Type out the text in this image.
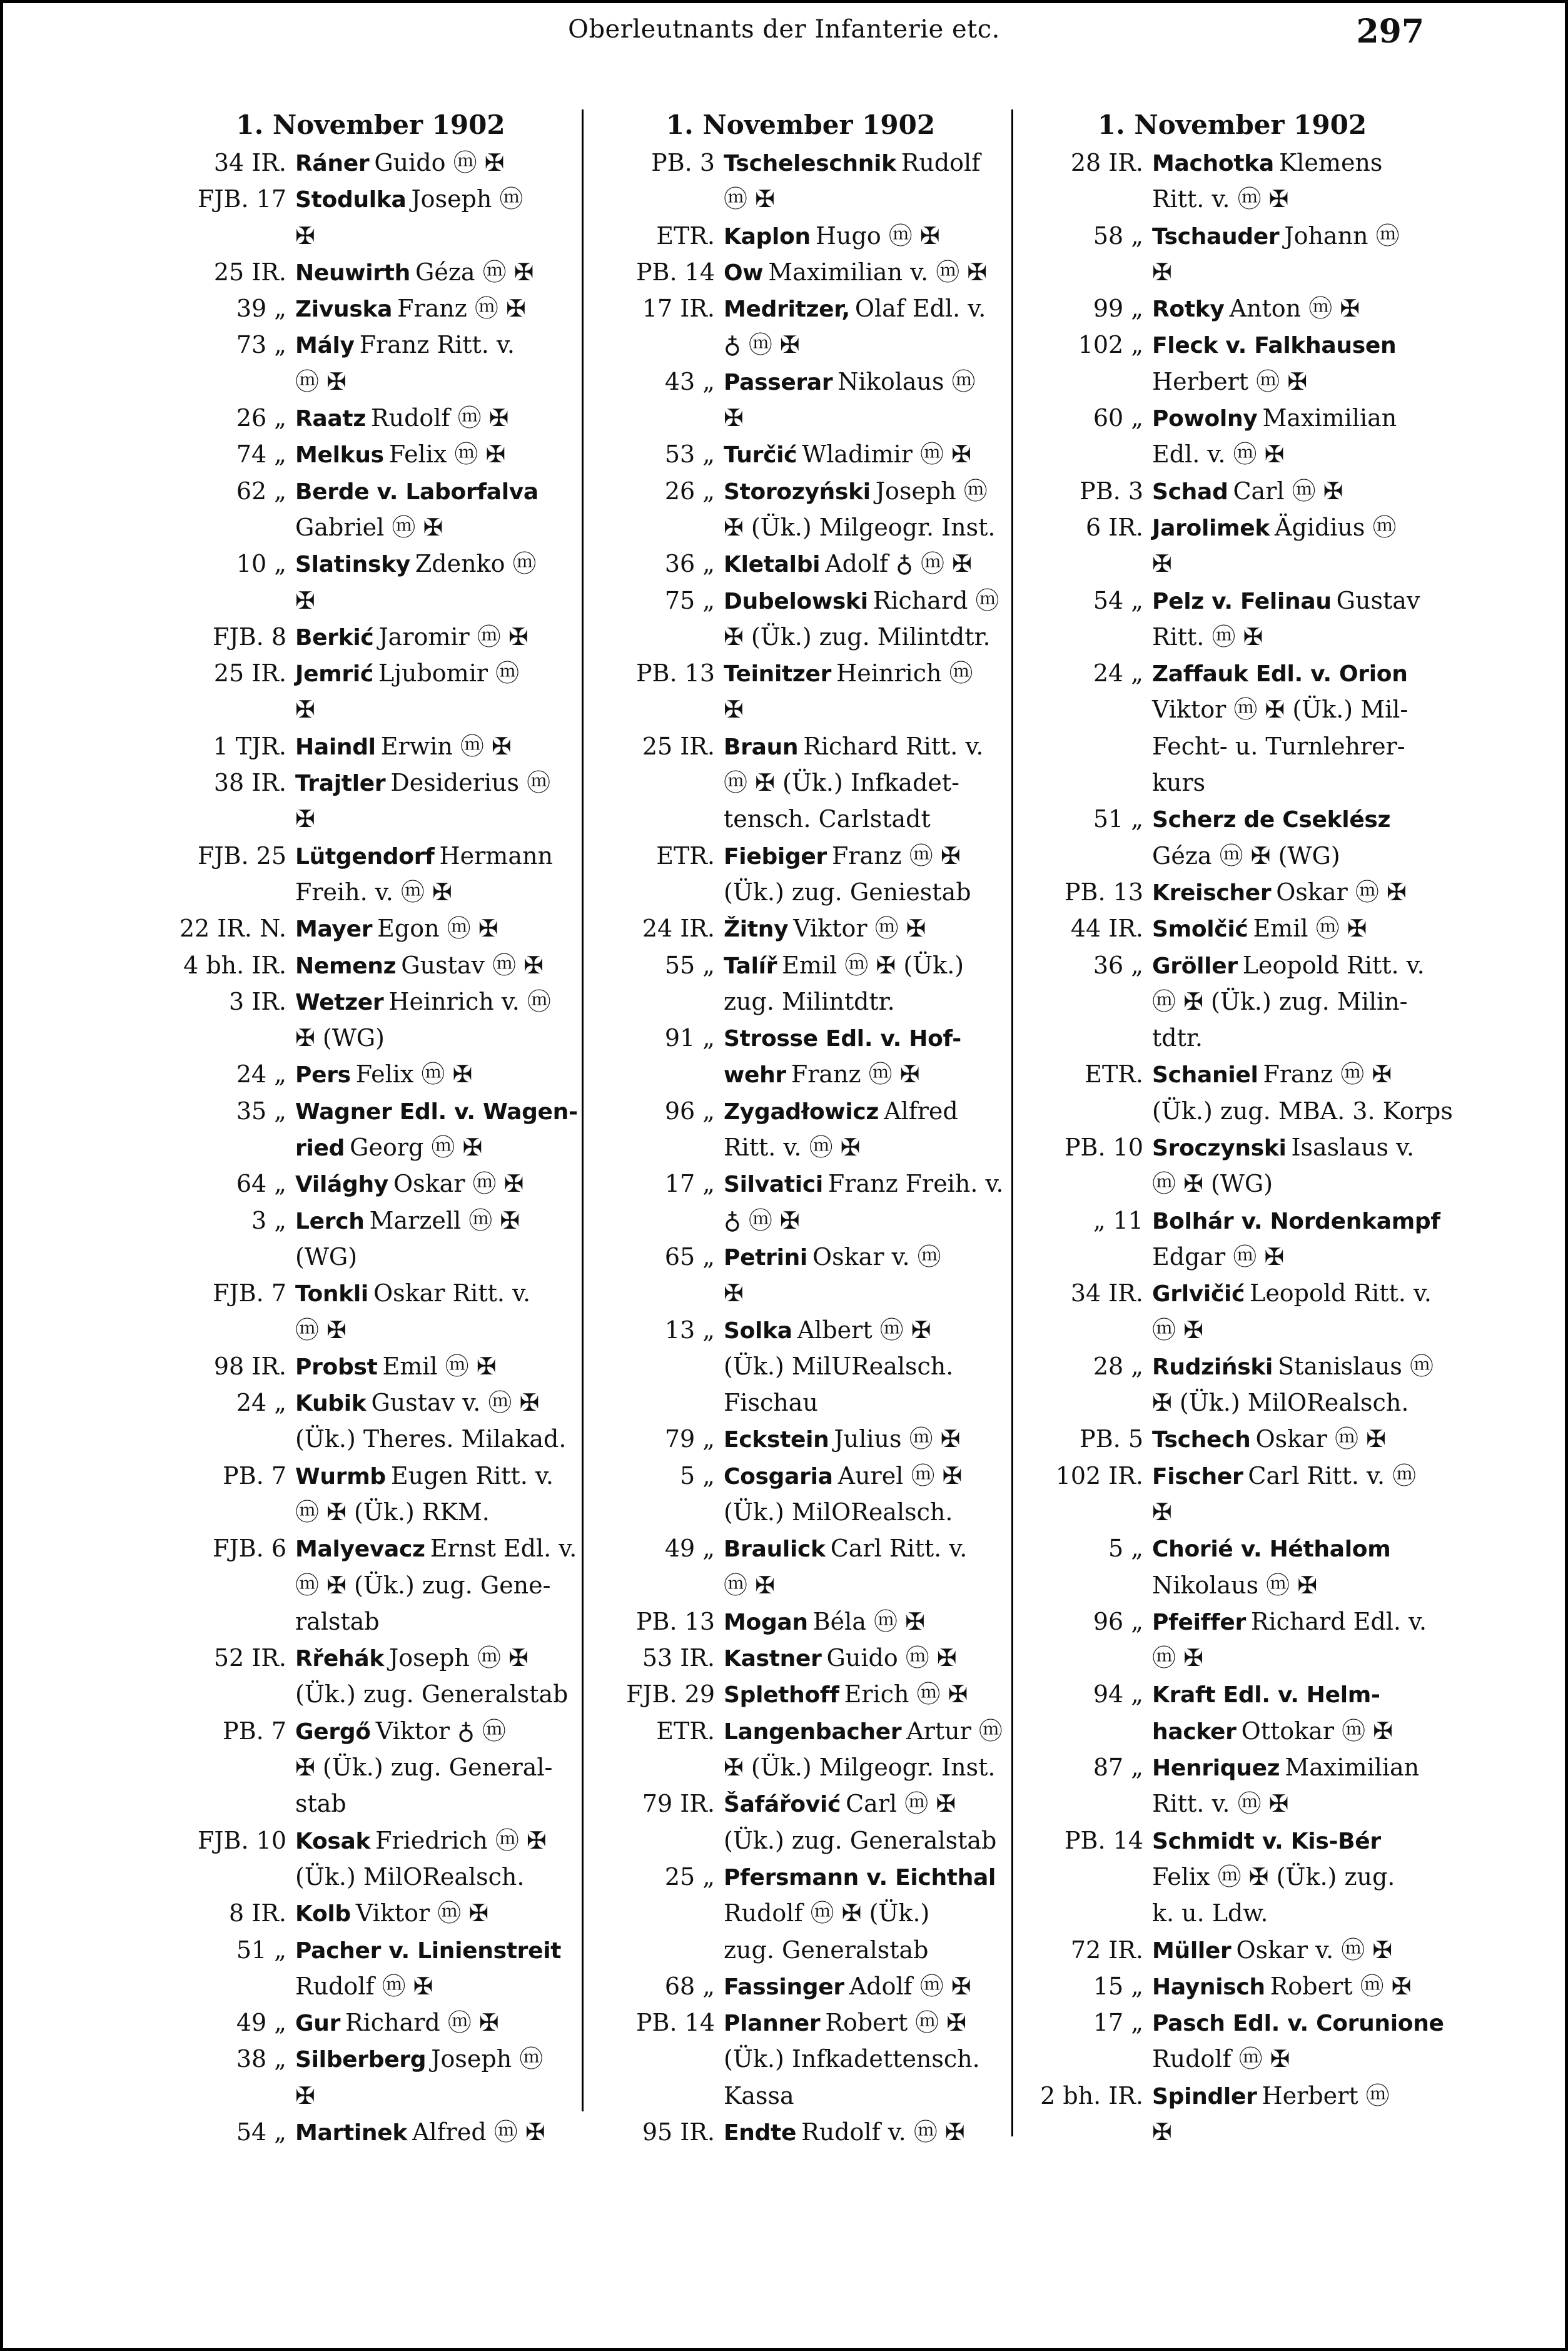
Oberleutnants der Infanterie etc.	297
1. November 1902
34 IR. Ráner Guido ⓜ ✠
FJB. 17 Stodulka Joseph ⓜ
✠
25 IR. Neuwirth Géza ⓜ ✠
39 „ Zivuska Franz ⓜ ✠
73 „ Mály Franz Ritt. v.
ⓜ ✠
26 „ Raatz Rudolf ⓜ ✠
74 „ Melkus Felix ⓜ ✠
62 „ Berde v. Laborfalva
Gabriel ⓜ ✠
10 „ Slatinsky Zdenko ⓜ
✠
FJB. 8 Berkić Jaromir ⓜ ✠
25 IR. Jemrić Ljubomir ⓜ
✠
1 TJR. Haindl Erwin ⓜ ✠
38 IR. Trajtler Desiderius ⓜ
✠
FJB. 25 Lütgendorf Hermann
Freih. v. ⓜ ✠
22 IR. N. Mayer Egon ⓜ ✠
4 bh. IR. Nemenz Gustav ⓜ ✠
3 IR. Wetzer Heinrich v. ⓜ
✠ (WG)
24 „ Pers Felix ⓜ ✠
35 „ Wagner Edl. v. Wagen-
ried Georg ⓜ ✠
64 „ Világhy Oskar ⓜ ✠
3 „ Lerch Marzell ⓜ ✠
(WG)
FJB. 7 Tonkli Oskar Ritt. v.
ⓜ ✠
98 IR. Probst Emil ⓜ ✠
24 „ Kubik Gustav v. ⓜ ✠
(Ük.) Theres. Milakad.
PB. 7 Wurmb Eugen Ritt. v.
ⓜ ✠ (Ük.) RKM.
FJB. 6 Malyevacz Ernst Edl. v.
ⓜ ✠ (Ük.) zug. Gene-
ralstab
52 IR. Rřehák Joseph ⓜ ✠
(Ük.) zug. Generalstab
PB. 7 Gergő Viktor ♁ ⓜ
✠ (Ük.) zug. General-
stab
FJB. 10 Kosak Friedrich ⓜ ✠
(Ük.) MilORealsch.
8 IR. Kolb Viktor ⓜ ✠
51 „ Pacher v. Linienstreit
Rudolf ⓜ ✠
49 „ Gur Richard ⓜ ✠
38 „ Silberberg Joseph ⓜ
✠
54 „ Martinek Alfred ⓜ ✠
1. November 1902
PB. 3 Tscheleschnik Rudolf
ⓜ ✠
ETR. Kaplon Hugo ⓜ ✠
PB. 14 Ow Maximilian v. ⓜ ✠
17 IR. Medritzer, Olaf Edl. v.
♁ ⓜ ✠
43 „ Passerar Nikolaus ⓜ
✠
53 „ Turčić Wladimir ⓜ ✠
26 „ Storozyński Joseph ⓜ
✠ (Ük.) Milgeogr. Inst.
36 „ Kletalbi Adolf ♁ ⓜ ✠
75 „ Dubelowski Richard ⓜ
✠ (Ük.) zug. Milintdtr.
PB. 13 Teinitzer Heinrich ⓜ
✠
25 IR. Braun Richard Ritt. v.
ⓜ ✠ (Ük.) Infkadet-
tensch. Carlstadt
ETR. Fiebiger Franz ⓜ ✠
(Ük.) zug. Geniestab
24 IR. Žitny Viktor ⓜ ✠
55 „ Talíř Emil ⓜ ✠ (Ük.)
zug. Milintdtr.
91 „ Strosse Edl. v. Hof-
wehr Franz ⓜ ✠
96 „ Zygadłowicz Alfred
Ritt. v. ⓜ ✠
17 „ Silvatici Franz Freih. v.
♁ ⓜ ✠
65 „ Petrini Oskar v. ⓜ
✠
13 „ Solka Albert ⓜ ✠
(Ük.) MilURealsch.
Fischau
79 „ Eckstein Julius ⓜ ✠
5 „ Cosgaria Aurel ⓜ ✠
(Ük.) MilORealsch.
49 „ Braulick Carl Ritt. v.
ⓜ ✠
PB. 13 Mogan Béla ⓜ ✠
53 IR. Kastner Guido ⓜ ✠
FJB. 29 Splethoff Erich ⓜ ✠
ETR. Langenbacher Artur ⓜ
✠ (Ük.) Milgeogr. Inst.
79 IR. Šafářović Carl ⓜ ✠
(Ük.) zug. Generalstab
25 „ Pfersmann v. Eichthal
Rudolf ⓜ ✠ (Ük.)
zug. Generalstab
68 „ Fassinger Adolf ⓜ ✠
PB. 14 Planner Robert ⓜ ✠
(Ük.) Infkadettensch.
Kassa
95 IR. Endte Rudolf v. ⓜ ✠
1. November 1902
28 IR. Machotka Klemens
Ritt. v. ⓜ ✠
58 „ Tschauder Johann ⓜ
✠
99 „ Rotky Anton ⓜ ✠
102 „ Fleck v. Falkhausen
Herbert ⓜ ✠
60 „ Powolny Maximilian
Edl. v. ⓜ ✠
PB. 3 Schad Carl ⓜ ✠
6 IR. Jarolimek Ägidius ⓜ
✠
54 „ Pelz v. Felinau Gustav
Ritt. ⓜ ✠
24 „ Zaffauk Edl. v. Orion
Viktor ⓜ ✠ (Ük.) Mil-
Fecht- u. Turnlehrer-
kurs
51 „ Scherz de Cseklész
Géza ⓜ ✠ (WG)
PB. 13 Kreischer Oskar ⓜ ✠
44 IR. Smolčić Emil ⓜ ✠
36 „ Gröller Leopold Ritt. v.
ⓜ ✠ (Ük.) zug. Milin-
tdtr.
ETR. Schaniel Franz ⓜ ✠
(Ük.) zug. MBA. 3. Korps
PB. 10 Sroczynski Isaslaus v.
ⓜ ✠ (WG)
„ 11 Bolhár v. Nordenkampf
Edgar ⓜ ✠
34 IR. Grlvičić Leopold Ritt. v.
ⓜ ✠
28 „ Rudziński Stanislaus ⓜ
✠ (Ük.) MilORealsch.
PB. 5 Tschech Oskar ⓜ ✠
102 IR. Fischer Carl Ritt. v. ⓜ
✠
5 „ Chorié v. Héthalom
Nikolaus ⓜ ✠
96 „ Pfeiffer Richard Edl. v.
ⓜ ✠
94 „ Kraft Edl. v. Helm-
hacker Ottokar ⓜ ✠
87 „ Henriquez Maximilian
Ritt. v. ⓜ ✠
PB. 14 Schmidt v. Kis-Bér
Felix ⓜ ✠ (Ük.) zug.
k. u. Ldw.
72 IR. Müller Oskar v. ⓜ ✠
15 „ Haynisch Robert ⓜ ✠
17 „ Pasch Edl. v. Corunione
Rudolf ⓜ ✠
2 bh. IR. Spindler Herbert ⓜ
✠
